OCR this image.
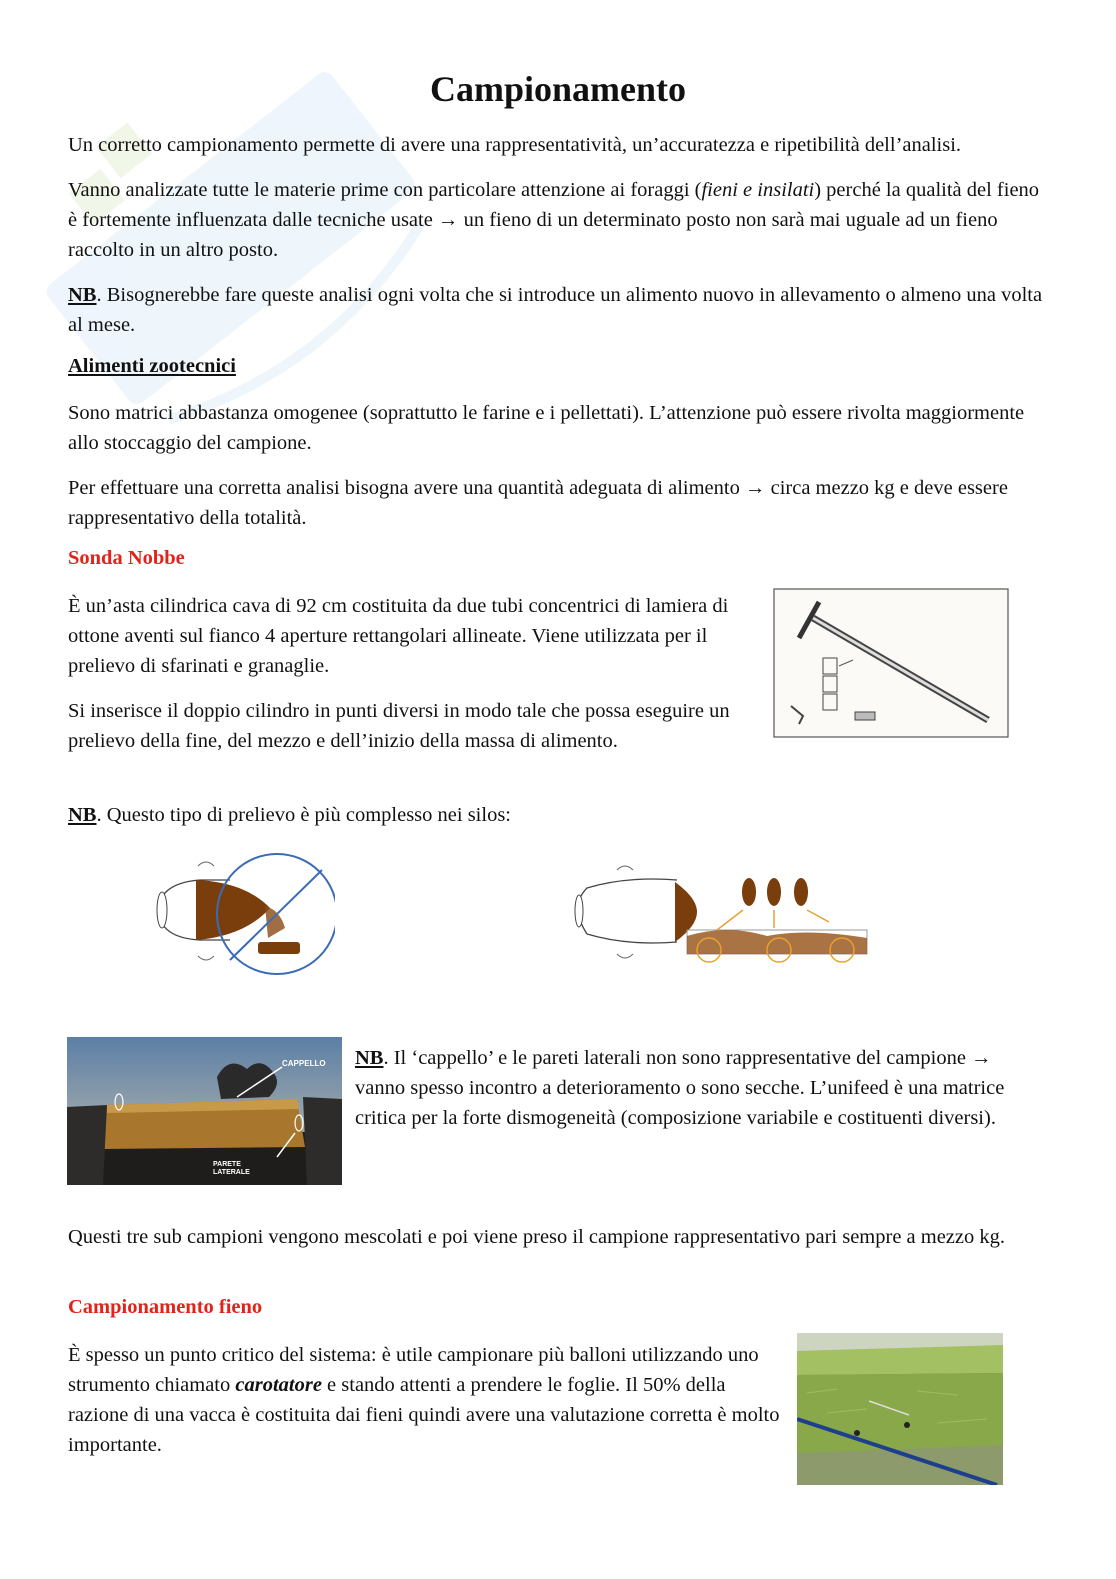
Campionamento

Un corretto campionamento permette di avere una rappresentatività, un’accuratezza e ripetibilità dell’analisi.

Vanno analizzate tutte le materie prime con particolare attenzione ai foraggi (fieni e insilati) perché la qualità del fieno è fortemente influenzata dalle tecniche usate → un fieno di un determinato posto non sarà mai uguale ad un fieno raccolto in un altro posto.

NB. Bisognerebbe fare queste analisi ogni volta che si introduce un alimento nuovo in allevamento o almeno una volta al mese.

Alimenti zootecnici

Sono matrici abbastanza omogenee (soprattutto le farine e i pellettati). L’attenzione può essere rivolta maggiormente allo stoccaggio del campione.

Per effettuare una corretta analisi bisogna avere una quantità adeguata di alimento → circa mezzo kg e deve essere rappresentativo della totalità.

Sonda Nobbe

È un’asta cilindrica cava di 92 cm costituita da due tubi concentrici di lamiera di ottone aventi sul fianco 4 aperture rettangolari allineate. Viene utilizzata per il prelievo di sfarinati e granaglie.

Si inserisce il doppio cilindro in punti diversi in modo tale che possa eseguire un prelievo della fine, del mezzo e dell’inizio della massa di alimento.

NB. Questo tipo di prelievo è più complesso nei silos:

CAPPELLO
PARETE
LATERALE

NB. Il ‘cappello’ e le pareti laterali non sono rappresentative del campione → vanno spesso incontro a deterioramento o sono secche. L’unifeed è una matrice critica per la forte dismogeneità (composizione variabile e costituenti diversi).

Questi tre sub campioni vengono mescolati e poi viene preso il campione rappresentativo pari sempre a mezzo kg.

Campionamento fieno

È spesso un punto critico del sistema: è utile campionare più balloni utilizzando uno strumento chiamato carotatore e stando attenti a prendere le foglie. Il 50% della razione di una vacca è costituita dai fieni quindi avere una valutazione corretta è molto importante.
